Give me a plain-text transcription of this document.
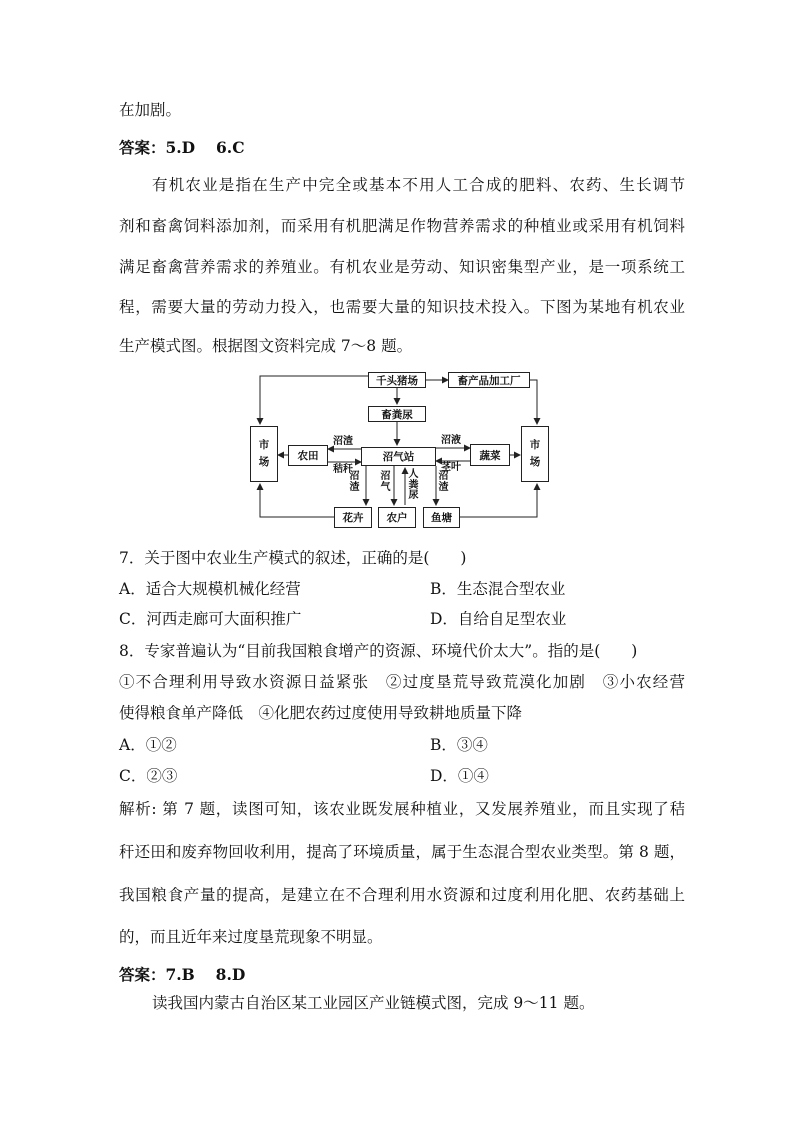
在加剧。
答案：5.D　 6.C
有机农业是指在生产中完全或基本不用人工合成的肥料、农药、生长调节
剂和畜禽饲料添加剂，而采用有机肥满足作物营养需求的种植业或采用有机饲料
满足畜禽营养需求的养殖业。有机农业是劳动、知识密集型产业，是一项系统工
程，需要大量的劳动力投入，也需要大量的知识技术投入。下图为某地有机农业
生产模式图。根据图文资料完成 7～8 题。
千头猪场	畜产品加工厂
畜粪尿
沼气站
农田	蔬菜
市场
市场
花卉	农户	鱼塘
沼渣
秸秆
沼液
茎叶
沼渣
沼气
人粪尿
沼渣
7．关于图中农业生产模式的叙述，正确的是(　　)
A．适合大规模机械化经营	B．生态混合型农业
C．河西走廊可大面积推广	D．自给自足型农业
8．专家普遍认为“目前我国粮食增产的资源、环境代价太大”。指的是(　　)
①不合理利用导致水资源日益紧张　②过度垦荒导致荒漠化加剧　③小农经营
使得粮食单产降低　④化肥农药过度使用导致耕地质量下降
A．①②	B．③④
C．②③	D．①④
解析: 第 7 题，读图可知，该农业既发展种植业，又发展养殖业，而且实现了秸
秆还田和废弃物回收利用，提高了环境质量，属于生态混合型农业类型。第 8 题，
我国粮食产量的提高，是建立在不合理利用水资源和过度利用化肥、农药基础上
的，而且近年来过度垦荒现象不明显。
答案：7.B　 8.D
读我国内蒙古自治区某工业园区产业链模式图，完成 9～11 题。
